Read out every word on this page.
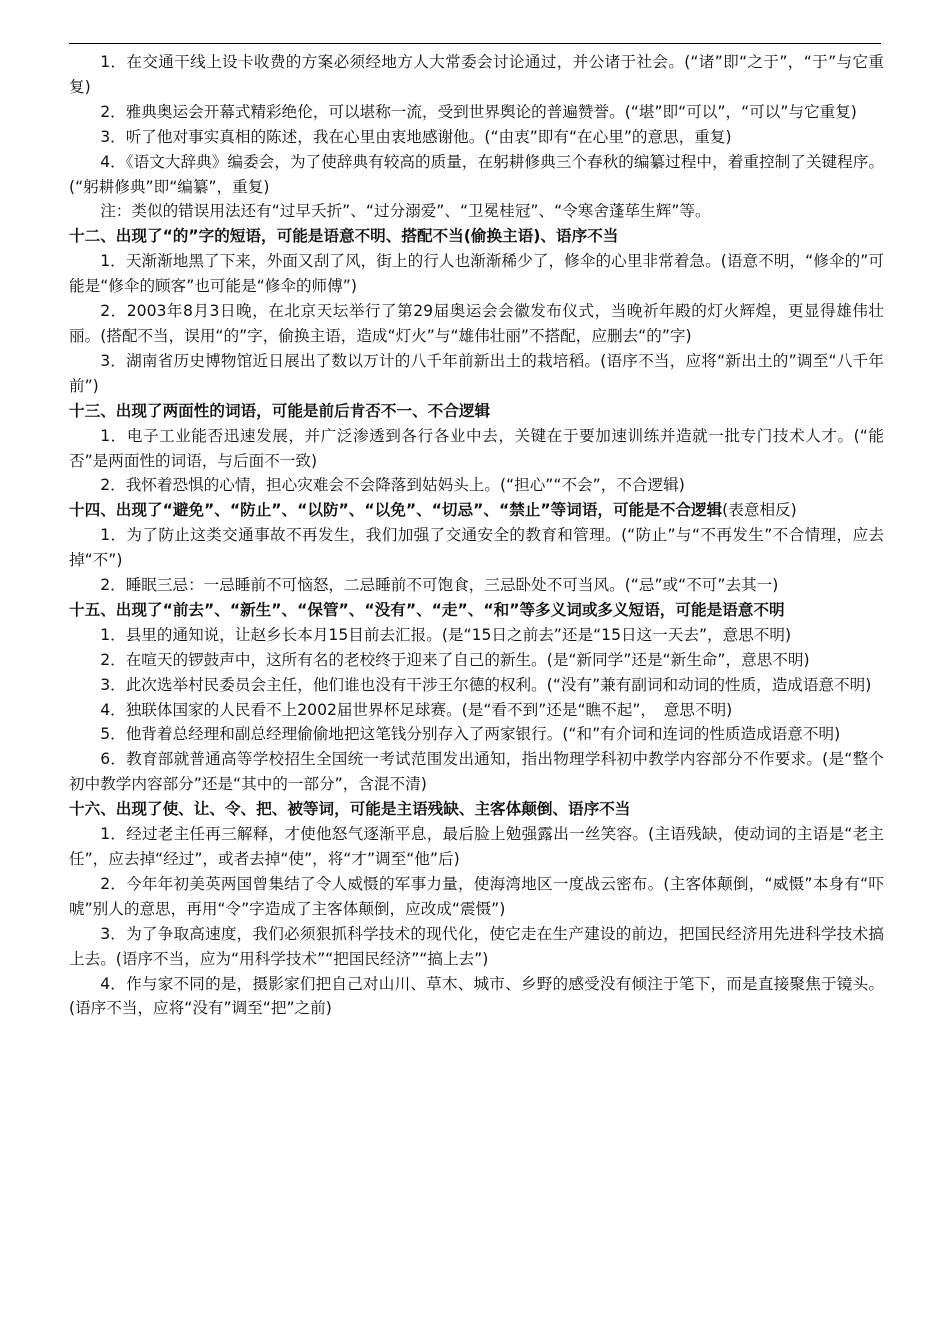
1．在交通干线上设卡收费的方案必须经地方人大常委会讨论通过，并公诸于社会。(“诸”即“之于”，“于”与它重复)

2．雅典奥运会开幕式精彩绝伦，可以堪称一流，受到世界舆论的普遍赞誉。(“堪”即“可以”，“可以”与它重复)

3．听了他对事实真相的陈述，我在心里由衷地感谢他。(“由衷”即有“在心里”的意思，重复)

4．《语文大辞典》编委会，为了使辞典有较高的质量，在躬耕修典三个春秋的编纂过程中，着重控制了关键程序。(“躬耕修典”即“编纂”，重复)

注：类似的错误用法还有“过早夭折”、“过分溺爱”、“卫冕桂冠”、“令寒舍蓬荜生辉”等。

十二、出现了“的”字的短语，可能是语意不明、搭配不当(偷换主语)、语序不当

1．天渐渐地黑了下来，外面又刮了风，街上的行人也渐渐稀少了，修伞的心里非常着急。(语意不明，“修伞的”可能是“修伞的顾客”也可能是“修伞的师傅”)

2．2003年8月3日晚，在北京天坛举行了第29届奥运会会徽发布仪式，当晚祈年殿的灯火辉煌，更显得雄伟壮丽。(搭配不当，误用“的”字，偷换主语，造成“灯火”与“雄伟壮丽”不搭配，应删去“的”字)

3．湖南省历史博物馆近日展出了数以万计的八千年前新出土的栽培稻。(语序不当，应将“新出土的”调至“八千年前”)

十三、出现了两面性的词语，可能是前后肯否不一、不合逻辑

1．电子工业能否迅速发展，并广泛渗透到各行各业中去，关键在于要加速训练并造就一批专门技术人才。(“能否”是两面性的词语，与后面不一致)

2．我怀着恐惧的心情，担心灾难会不会降落到姑妈头上。(“担心”“不会”，不合逻辑)

十四、出现了“避免”、“防止”、“以防”、“以免”、“切忌”、“禁止”等词语，可能是不合逻辑(表意相反)

1．为了防止这类交通事故不再发生，我们加强了交通安全的教育和管理。(“防止”与“不再发生”不合情理，应去掉“不”)

2．睡眠三忌：一忌睡前不可恼怒，二忌睡前不可饱食，三忌卧处不可当风。(“忌”或“不可”去其一)

十五、出现了“前去”、“新生”、“保管”、“没有”、“走”、“和”等多义词或多义短语，可能是语意不明

1．县里的通知说，让赵乡长本月15目前去汇报。(是“15日之前去”还是“15日这一天去”，意思不明)

2．在喧天的锣鼓声中，这所有名的老校终于迎来了自己的新生。(是“新同学”还是“新生命”，意思不明)

3．此次选举村民委员会主任，他们谁也没有干涉王尔德的权利。(“没有”兼有副词和动词的性质，造成语意不明)

4．独联体国家的人民看不上2002届世界杯足球赛。(是“看不到”还是“瞧不起”，　意思不明)

5．他背着总经理和副总经理偷偷地把这笔钱分别存入了两家银行。(“和”有介词和连词的性质造成语意不明)

6．教育部就普通高等学校招生全国统一考试范围发出通知，指出物理学科初中教学内容部分不作要求。(是“整个初中教学内容部分”还是“其中的一部分”，含混不清)

十六、出现了使、让、令、把、被等词，可能是主语残缺、主客体颠倒、语序不当

1．经过老主任再三解释，才使他怒气逐渐平息，最后脸上勉强露出一丝笑容。(主语残缺，使动词的主语是“老主任”，应去掉“经过”，或者去掉“使”，将“才”调至“他”后)

2．今年年初美英两国曾集结了令人威慑的军事力量，使海湾地区一度战云密布。(主客体颠倒，“威慑”本身有“吓唬”别人的意思，再用“令”字造成了主客体颠倒，应改成“震慑”)

3．为了争取高速度，我们必须狠抓科学技术的现代化，使它走在生产建设的前边，把国民经济用先进科学技术搞上去。(语序不当，应为“用科学技术”“把国民经济”“搞上去”)

4．作与家不同的是，摄影家们把自己对山川、草木、城市、乡野的感受没有倾注于笔下，而是直接聚焦于镜头。(语序不当，应将“没有”调至“把”之前)
